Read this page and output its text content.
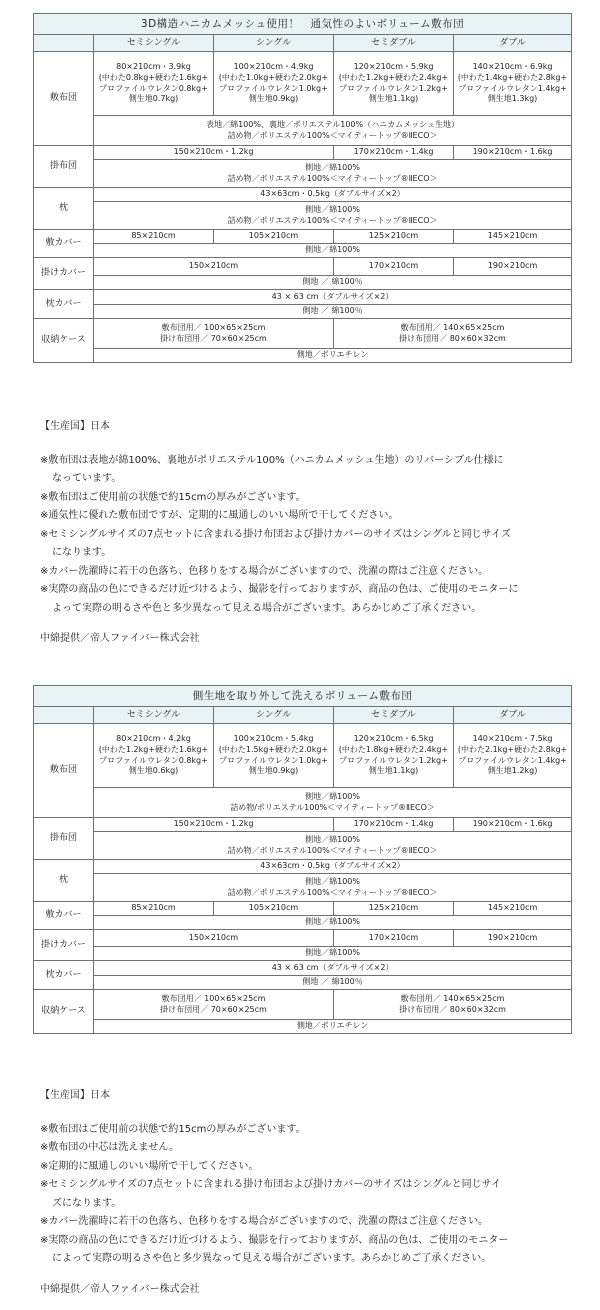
3D構造ハニカムメッシュ使用！　通気性のよいボリューム敷布団				
	セミシングル	シングル	セミダブル	ダブル
敷布団	80×210cm・3.9kg
(中わた0.8kg+硬わた1.6kg+
プロファイルウレタン0.8kg+
側生地0.7kg)	100×210cm・4.9kg
(中わた1.0kg+硬わた2.0kg+
プロファイルウレタン1.0kg+
側生地0.9kg)	120×210cm・5.9kg
(中わた1.2kg+硬わた2.4kg+
プロファイルウレタン1.2kg+
側生地1.1kg)	140×210cm・6.9kg
(中わた1.4kg+硬わた2.8kg+
プロファイルウレタン1.4kg+
側生地1.3kg)

	表地／綿100%、裏地／ポリエステル100%（ハニカムメッシュ生地）
詰め物／ポリエステル100%＜マイティートップ®ⅡECO＞			

掛布団	150×210cm・1.2kg		170×210cm・1.4kg	190×210cm・1.6kg

	側地／綿100%
詰め物／ポリエステル100%＜マイティートップ®ⅡECO＞			

枕	43×63cm・0.5kg（ダブルサイズ×2）			

	側地／綿100%
詰め物／ポリエステル100%＜マイティートップ®ⅡECO＞			

敷カバー	85×210cm	105×210cm	125×210cm	145×210cm
	側地／綿100%			
掛けカバー	150×210cm		170×210cm	190×210cm
	側地 ／ 綿100％			
枕カバー	43 × 63 cm（ダブルサイズ×2）			
	側地 ／ 綿100％			
収納ケース	敷布団用／ 100×65×25cm
掛け布団用／ 70×60×25cm		敷布団用／ 140×65×25cm
掛け布団用／ 80×60×32cm	

	側地／ポリエチレン			

【生産国】日本

※敷布団は表地が綿100%、裏地がポリエステル100%（ハニカムメッシュ生地）のリバーシブル仕様に

なっています。

※敷布団はご使用前の状態で約15cmの厚みがございます。

※通気性に優れた敷布団ですが、定期的に風通しのいい場所で干してください。

※セミシングルサイズの7点セットに含まれる掛け布団および掛けカバーのサイズはシングルと同じサイズ

になります。

※カバー洗濯時に若干の色落ち、色移りをする場合がございますので、洗濯の際はご注意ください。

※実際の商品の色にできるだけ近づけるよう、撮影を行っておりますが、商品の色は、ご使用のモニターに

よって実際の明るさや色と多少異なって見える場合がございます。あらかじめご了承ください。

中綿提供／帝人ファイバー株式会社

側生地を取り外して洗えるボリューム敷布団				
	セミシングル	シングル	セミダブル	ダブル
敷布団	80×210cm・4.2kg
(中わた1.2kg+硬わた1.6kg+
プロファイルウレタン0.8kg+
側生地0.6kg)	100×210cm・5.4kg
(中わた1.5kg+硬わた2.0kg+
プロファイルウレタン1.0kg+
側生地0.9kg)	120×210cm・6.5kg
(中わた1.8kg+硬わた2.4kg+
プロファイルウレタン1.2kg+
側生地1.1kg)	140×210cm・7.5kg
(中わた2.1kg+硬わた2.8kg+
プロファイルウレタン1.4kg+
側生地1.2kg)

	側地／綿100%
詰め物/ポリエステル100%＜マイティートップ®ⅡECO＞			

掛布団	150×210cm・1.2kg		170×210cm・1.4kg	190×210cm・1.6kg

	側地／綿100%
詰め物／ポリエステル100%＜マイティートップ®ⅡECO＞			

枕	43×63cm・0.5kg（ダブルサイズ×2）			

	側地／綿100%
詰め物／ポリエステル100%＜マイティートップ®ⅡECO＞			

敷カバー	85×210cm	105×210cm	125×210cm	145×210cm
	側地／綿100%			
掛けカバー	150×210cm		170×210cm	190×210cm
	側地／綿100%			
枕カバー	43 × 63 cm（ダブルサイズ×2）			
	側地 ／ 綿100％			
収納ケース	敷布団用／ 100×65×25cm
掛け布団用／ 70×60×25cm		敷布団用／ 140×65×25cm
掛け布団用／ 80×60×32cm	

	側地／ポリエチレン			

【生産国】日本

※敷布団はご使用前の状態で約15cmの厚みがございます。

※敷布団の中芯は洗えません。

※定期的に風通しのいい場所で干してください。

※セミシングルサイズの7点セットに含まれる掛け布団および掛けカバーのサイズはシングルと同じサイ

ズになります。

※カバー洗濯時に若干の色落ち、色移りをする場合がございますので、洗濯の際はご注意ください。

※実際の商品の色にできるだけ近づけるよう、撮影を行っておりますが、商品の色は、ご使用のモニター

によって実際の明るさや色と多少異なって見える場合がございます。あらかじめご了承ください。

中綿提供／帝人ファイバー株式会社
